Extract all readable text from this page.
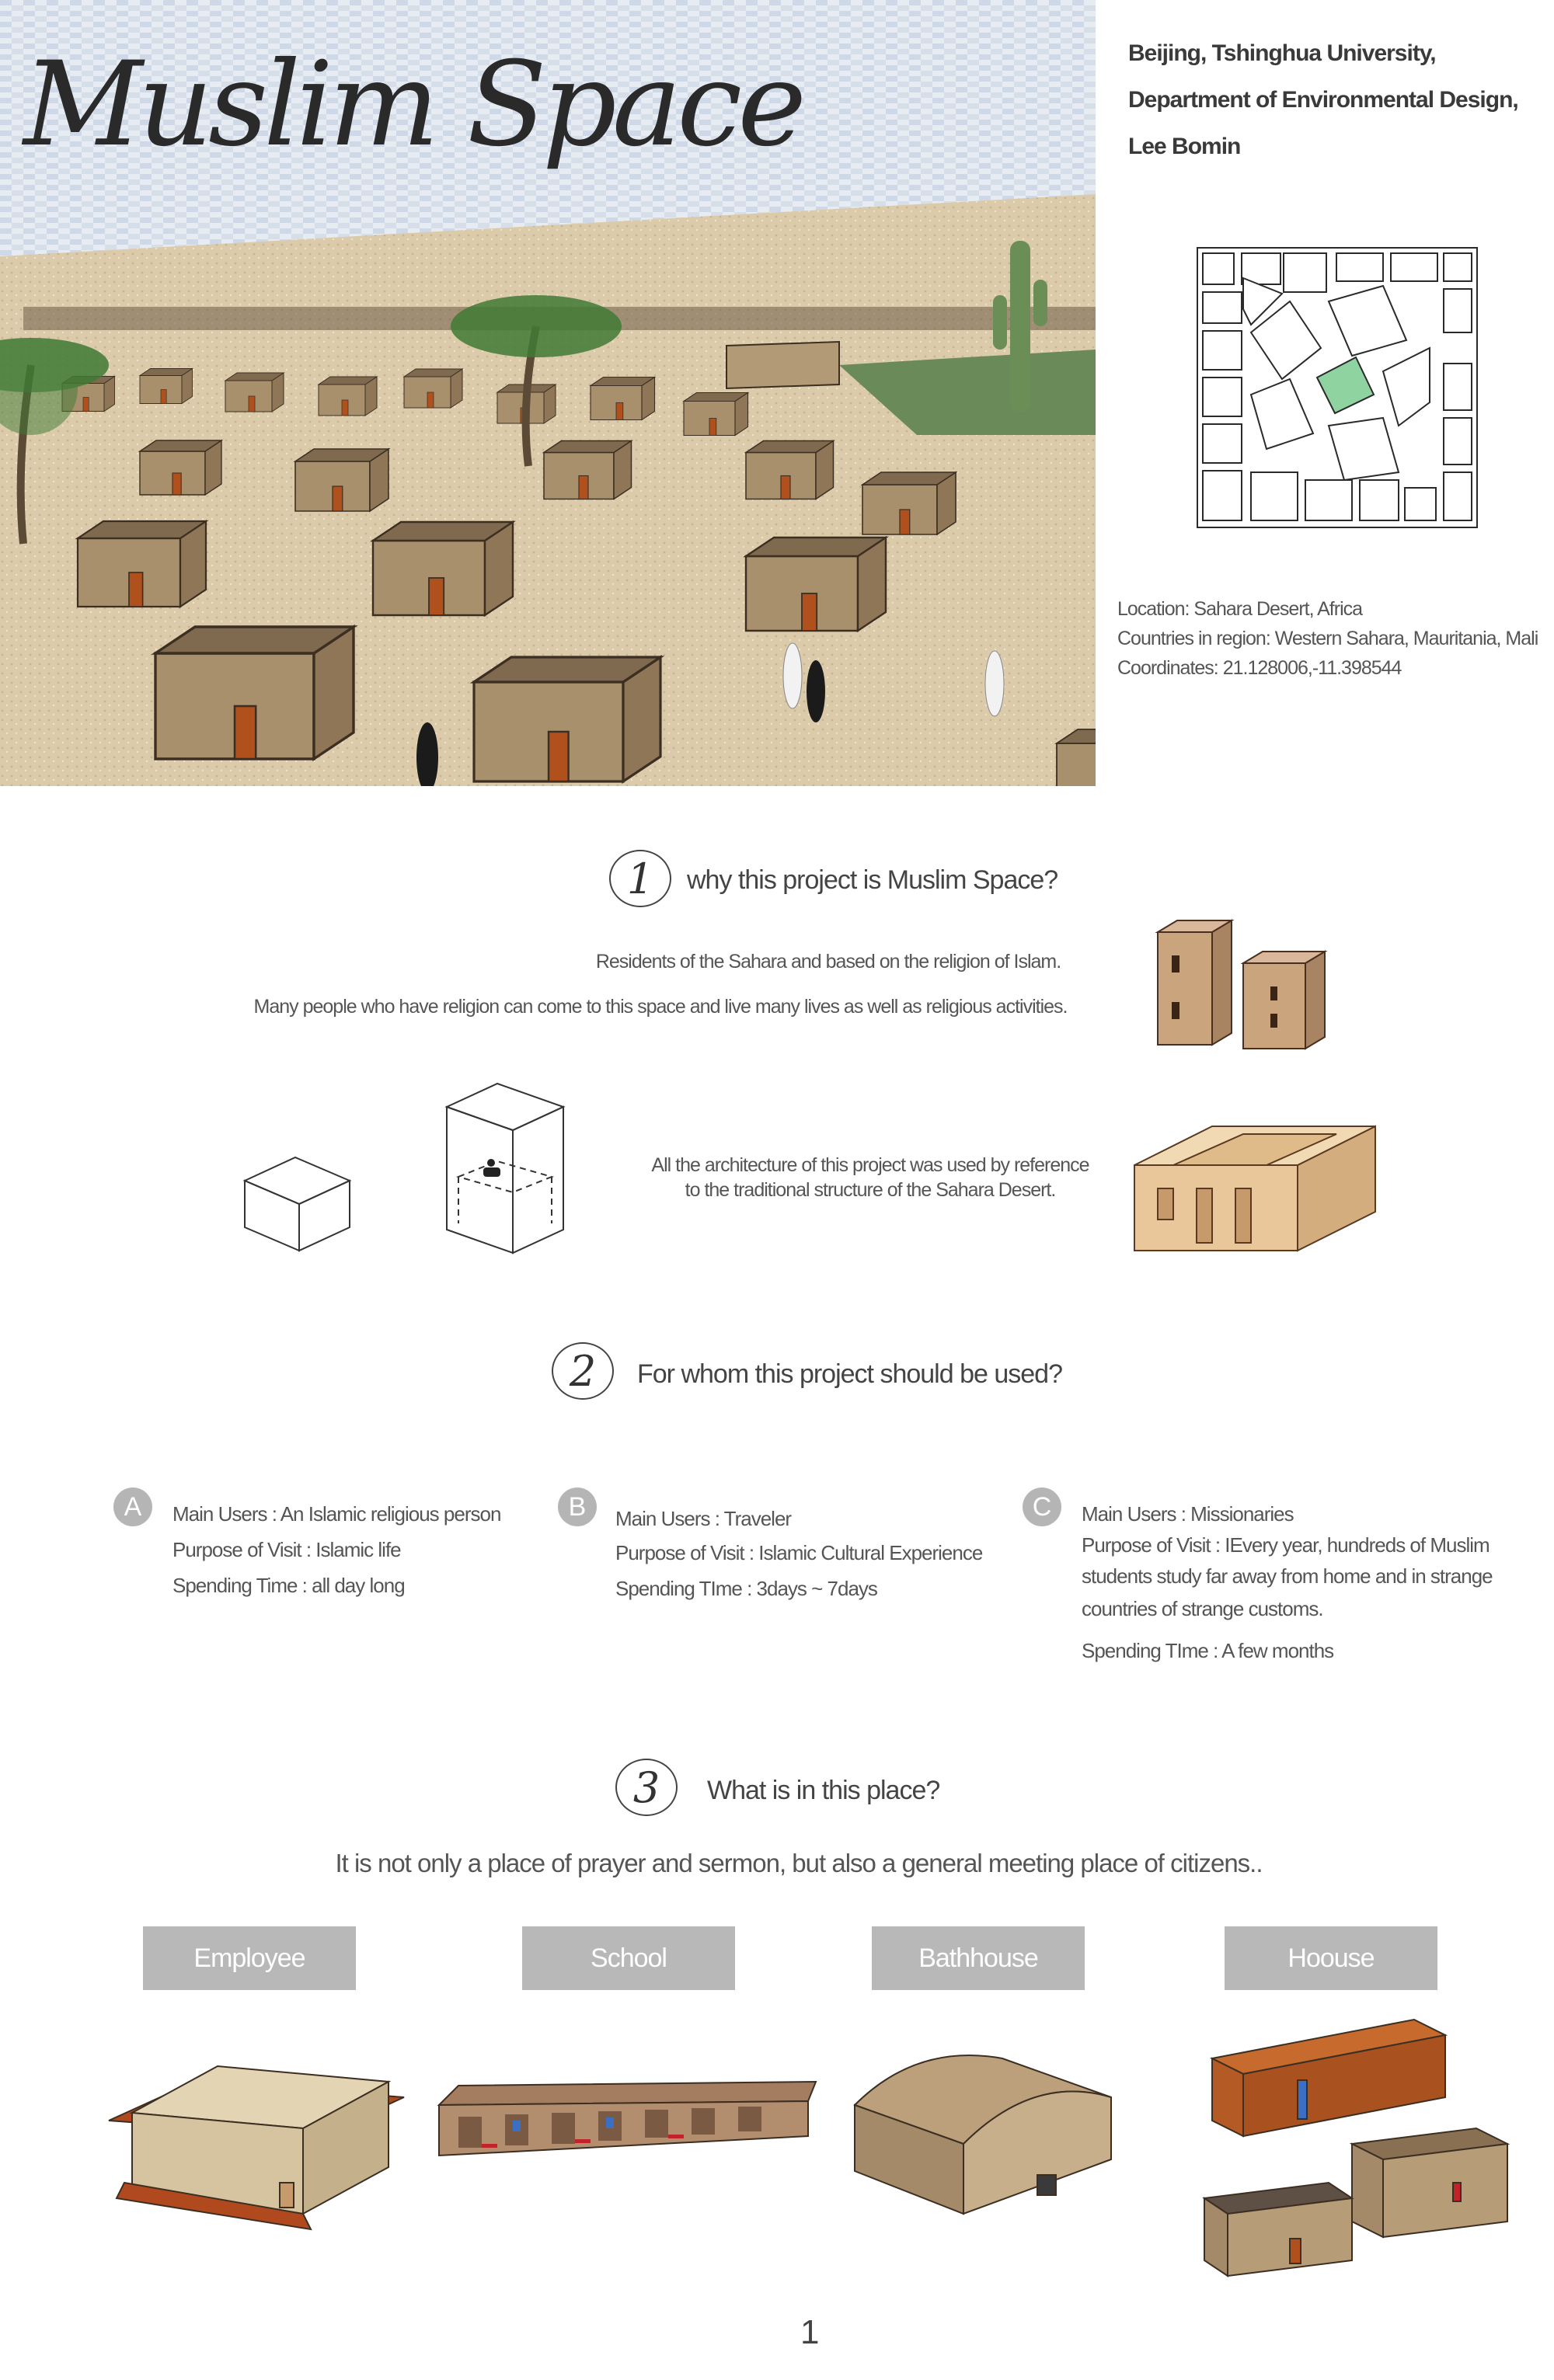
Muslim Space	Beijing, Tshinghua University,
Department of Environmental Design,
Lee Bomin
Location: Sahara Desert, Africa
Countries in region: Western Sahara, Mauritania, Mali
Coordinates: 21.128006,-11.398544
1	why this project is Muslim Space?
Residents of the Sahara and based on the religion of Islam.
Many people who have religion can come to this space and live many lives as well as religious activities.
All the architecture of this project was used by reference
to the traditional structure of the Sahara Desert.
2	For whom this project should be used?
A	Main Users : An Islamic religious person
Purpose of Visit : Islamic life
Spending Time : all day long
B	Main Users : Traveler
Purpose of Visit : Islamic Cultural Experience
Spending TIme : 3days ~ 7days
C	Main Users : Missionaries
Purpose of Visit : IEvery year, hundreds of Muslim
students study far away from home and in strange
countries of strange customs.
Spending TIme : A few months
3	What is in this place?
It is not only a place of prayer and sermon, but also a general meeting place of citizens..
Employee	School	Bathhouse	Hoouse
1
